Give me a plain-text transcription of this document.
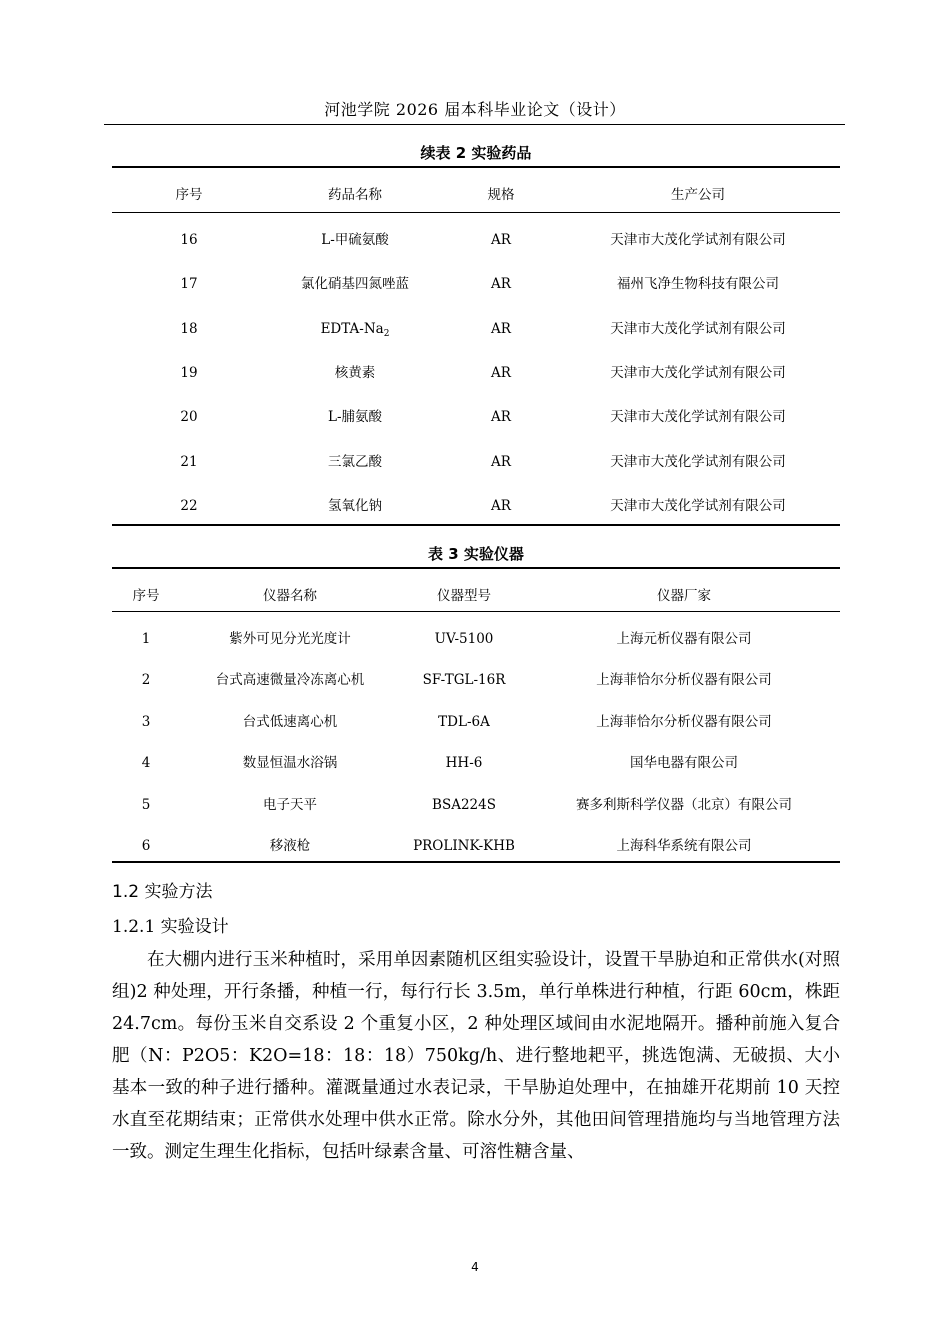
河池学院 2026 届本科毕业论文（设计）
续表 2 实验药品
序号	药品名称	规格	生产公司
16	L-甲硫氨酸	AR	天津市大茂化学试剂有限公司
17	氯化硝基四氮唑蓝	AR	福州飞净生物科技有限公司
18	EDTA-$Na_2$	AR	天津市大茂化学试剂有限公司
19	核黄素	AR	天津市大茂化学试剂有限公司
20	L-脯氨酸	AR	天津市大茂化学试剂有限公司
21	三氯乙酸	AR	天津市大茂化学试剂有限公司
22	氢氧化钠	AR	天津市大茂化学试剂有限公司
表 3 实验仪器
序号	仪器名称	仪器型号	仪器厂家
1	紫外可见分光光度计	UV-5100	上海元析仪器有限公司
2	台式高速微量冷冻离心机	SF-TGL-16R	上海菲恰尔分析仪器有限公司
3	台式低速离心机	TDL-6A	上海菲恰尔分析仪器有限公司
4	数显恒温水浴锅	HH-6	国华电器有限公司
5	电子天平	BSA224S	赛多利斯科学仪器（北京）有限公司
6	移液枪	PROLINK-KHB	上海科华系统有限公司
1.2 实验方法
1.2.1 实验设计
在大棚内进行玉米种植时，采用单因素随机区组实验设计，设置干旱胁迫和正常供水(对照组)2 种处理，开行条播，种植一行，每行行长 3.5m，单行单株进行种植，行距 60cm，株距 24.7cm。每份玉米自交系设 2 个重复小区，2 种处理区域间由水泥地隔开。播种前施入复合肥（N：P2O5：K2O=18：18：18）750kg/h、进行整地耙平，挑选饱满、无破损、大小基本一致的种子进行播种。灌溉量通过水表记录，干旱胁迫处理中，在抽雄开花期前 10 天控水直至花期结束；正常供水处理中供水正常。除水分外，其他田间管理措施均与当地管理方法一致。测定生理生化指标，包括叶绿素含量、可溶性糖含量、
4
